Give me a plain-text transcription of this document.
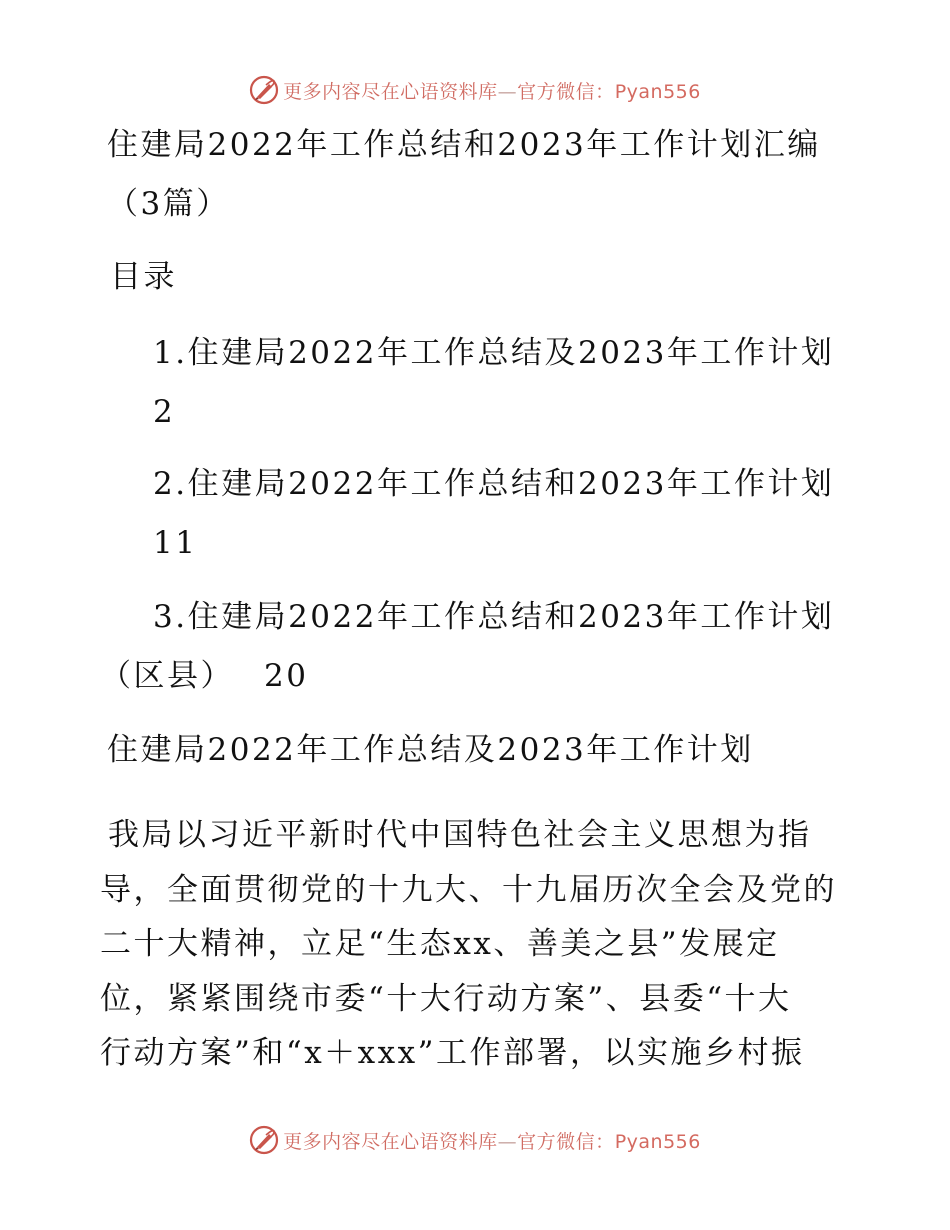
更多内容尽在心语资料库—官方微信：Pyan556
住建局2022年工作总结和2023年工作计划汇编
（3篇）
目录
1.住建局2022年工作总结及2023年工作计划
2
2.住建局2022年工作总结和2023年工作计划
11
3.住建局2022年工作总结和2023年工作计划
（区县） 20
住建局2022年工作总结及2023年工作计划
我局以习近平新时代中国特色社会主义思想为指
导，全面贯彻党的十九大、十九届历次全会及党的
二十大精神，立足“生态xx、善美之县”发展定
位，紧紧围绕市委“十大行动方案”、县委“十大
行动方案”和“x＋xxx”工作部署，以实施乡村振
更多内容尽在心语资料库—官方微信：Pyan556
